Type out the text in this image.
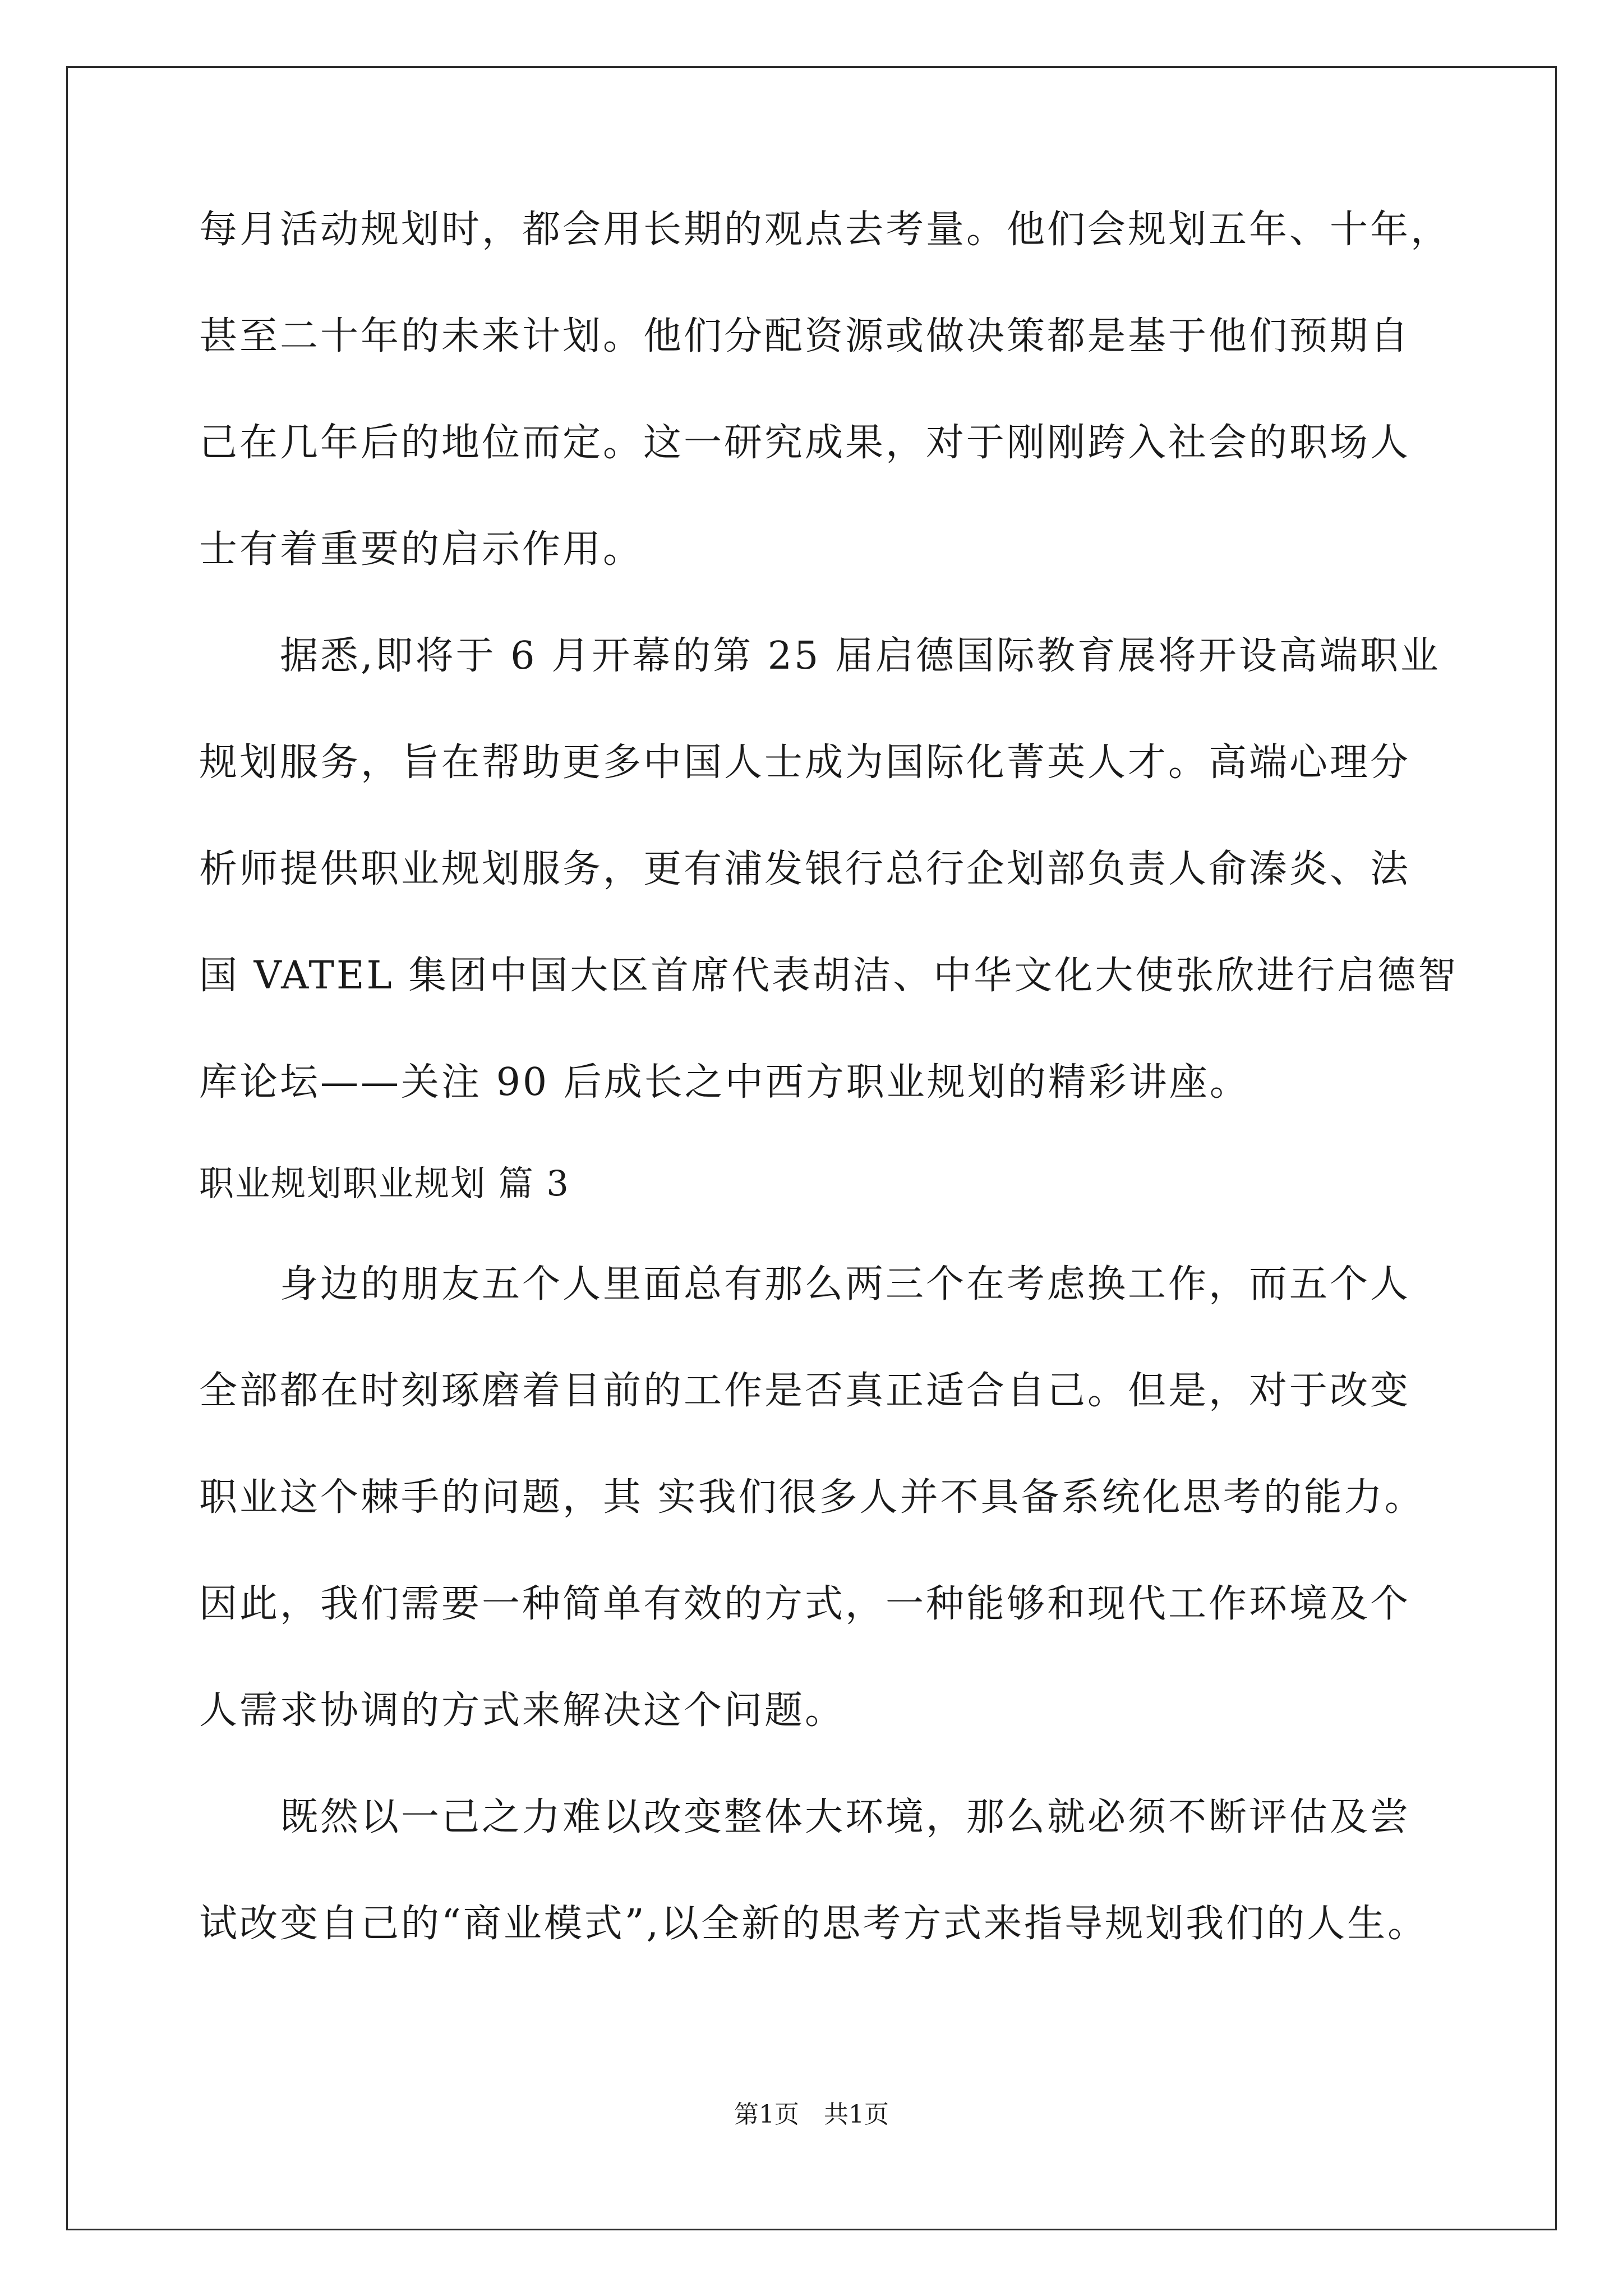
每月活动规划时，都会用长期的观点去考量。他们会规划五年、十年，
甚至二十年的未来计划。他们分配资源或做决策都是基于他们预期自
己在几年后的地位而定。这一研究成果，对于刚刚跨入社会的职场人
士有着重要的启示作用。
　　据悉,即将于 6 月开幕的第 25 届启德国际教育展将开设高端职业
规划服务，旨在帮助更多中国人士成为国际化菁英人才。高端心理分
析师提供职业规划服务，更有浦发银行总行企划部负责人俞溱炎、法
国 VATEL 集团中国大区首席代表胡洁、中华文化大使张欣进行启德智
库论坛——关注 90 后成长之中西方职业规划的精彩讲座。
职业规划职业规划 篇 3
　　身边的朋友五个人里面总有那么两三个在考虑换工作，而五个人
全部都在时刻琢磨着目前的工作是否真正适合自己。但是，对于改变
职业这个棘手的问题，其 实我们很多人并不具备系统化思考的能力。
因此，我们需要一种简单有效的方式，一种能够和现代工作环境及个
人需求协调的方式来解决这个问题。
　　既然以一己之力难以改变整体大环境，那么就必须不断评估及尝
试改变自己的“商业模式”,以全新的思考方式来指导规划我们的人生。
第1页　共1页
